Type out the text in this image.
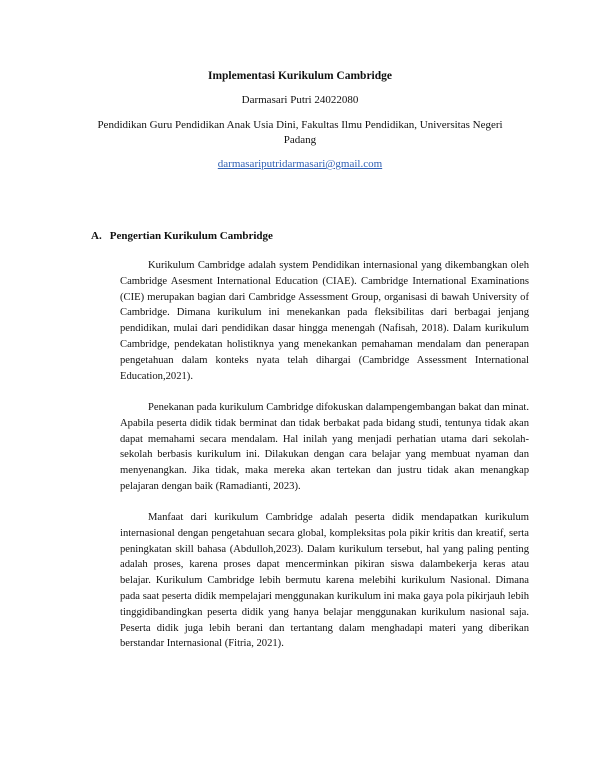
Implementasi Kurikulum Cambridge
Darmasari Putri 24022080
Pendidikan Guru Pendidikan Anak Usia Dini, Fakultas Ilmu Pendidikan, Universitas Negeri Padang
darmasariputridarmasari@gmail.com
A. Pengertian Kurikulum Cambridge

Kurikulum Cambridge adalah system Pendidikan internasional yang dikembangkan oleh Cambridge Asesment International Education (CIAE). Cambridge International Examinations (CIE) merupakan bagian dari Cambridge Assessment Group, organisasi di bawah University of Cambridge. Dimana kurikulum ini menekankan pada fleksibilitas dari berbagai jenjang pendidikan, mulai dari pendidikan dasar hingga menengah (Nafisah, 2018). Dalam kurikulum Cambridge, pendekatan holistiknya yang menekankan pemahaman mendalam dan penerapan pengetahuan dalam konteks nyata telah dihargai (Cambridge Assessment International Education,2021).

Penekanan pada kurikulum Cambridge difokuskan dalampengembangan bakat dan minat. Apabila peserta didik tidak berminat dan tidak berbakat pada bidang studi, tentunya tidak akan dapat memahami secara mendalam. Hal inilah yang menjadi perhatian utama dari sekolah-sekolah berbasis kurikulum ini. Dilakukan dengan cara belajar yang membuat nyaman dan menyenangkan. Jika tidak, maka mereka akan tertekan dan justru tidak akan menangkap pelajaran dengan baik (Ramadianti, 2023).

Manfaat dari kurikulum Cambridge adalah peserta didik mendapatkan kurikulum internasional dengan pengetahuan secara global, kompleksitas pola pikir kritis dan kreatif, serta peningkatan skill bahasa (Abdulloh,2023). Dalam kurikulum tersebut, hal yang paling penting adalah proses, karena proses dapat mencerminkan pikiran siswa dalambekerja keras atau belajar. Kurikulum Cambridge lebih bermutu karena melebihi kurikulum Nasional. Dimana pada saat peserta didik mempelajari menggunakan kurikulum ini maka gaya pola pikirjauh lebih tinggidibandingkan peserta didik yang hanya belajar menggunakan kurikulum nasional saja. Peserta didik juga lebih berani dan tertantang dalam menghadapi materi yang diberikan berstandar Internasional (Fitria, 2021).
